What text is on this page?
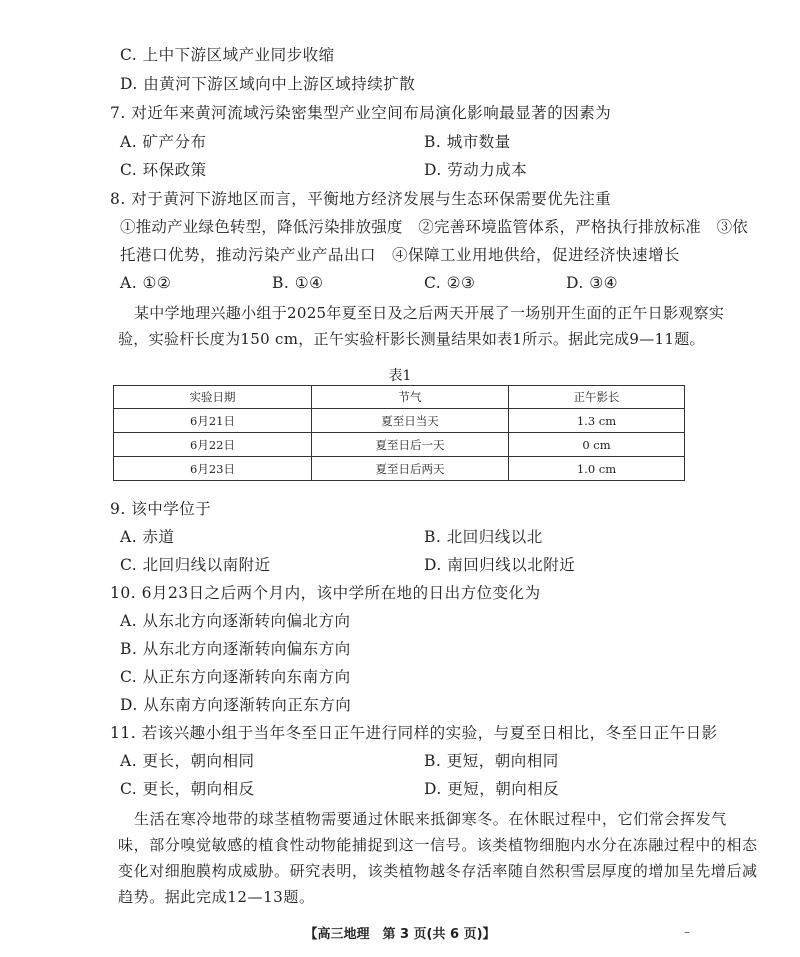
C. 上中下游区域产业同步收缩
D. 由黄河下游区域向中上游区域持续扩散
7. 对近年来黄河流域污染密集型产业空间布局演化影响最显著的因素为
A. 矿产分布	B. 城市数量
C. 环保政策	D. 劳动力成本
8. 对于黄河下游地区而言，平衡地方经济发展与生态环保需要优先注重
①推动产业绿色转型，降低污染排放强度　②完善环境监管体系，严格执行排放标准　③依
托港口优势，推动污染产业产品出口　④保障工业用地供给，促进经济快速增长
A. ①②	B. ①④	C. ②③	D. ③④
某中学地理兴趣小组于2025年夏至日及之后两天开展了一场别开生面的正午日影观察实
验，实验杆长度为150 cm，正午实验杆影长测量结果如表1所示。据此完成9—11题。
表1
实验日期	节气	正午影长
6月21日	夏至日当天	1.3 cm
6月22日	夏至日后一天	0 cm
6月23日	夏至日后两天	1.0 cm
9. 该中学位于
A. 赤道	B. 北回归线以北
C. 北回归线以南附近	D. 南回归线以北附近
10. 6月23日之后两个月内，该中学所在地的日出方位变化为
A. 从东北方向逐渐转向偏北方向
B. 从东北方向逐渐转向偏东方向
C. 从正东方向逐渐转向东南方向
D. 从东南方向逐渐转向正东方向
11. 若该兴趣小组于当年冬至日正午进行同样的实验，与夏至日相比，冬至日正午日影
A. 更长，朝向相同	B. 更短，朝向相同
C. 更长，朝向相反	D. 更短，朝向相反
生活在寒冷地带的球茎植物需要通过休眠来抵御寒冬。在休眠过程中，它们常会挥发气
味，部分嗅觉敏感的植食性动物能捕捉到这一信号。该类植物细胞内水分在冻融过程中的相态
变化对细胞膜构成威胁。研究表明，该类植物越冬存活率随自然积雪层厚度的增加呈先增后减
趋势。据此完成12—13题。
【高三地理　第 3 页(共 6 页)】	–
